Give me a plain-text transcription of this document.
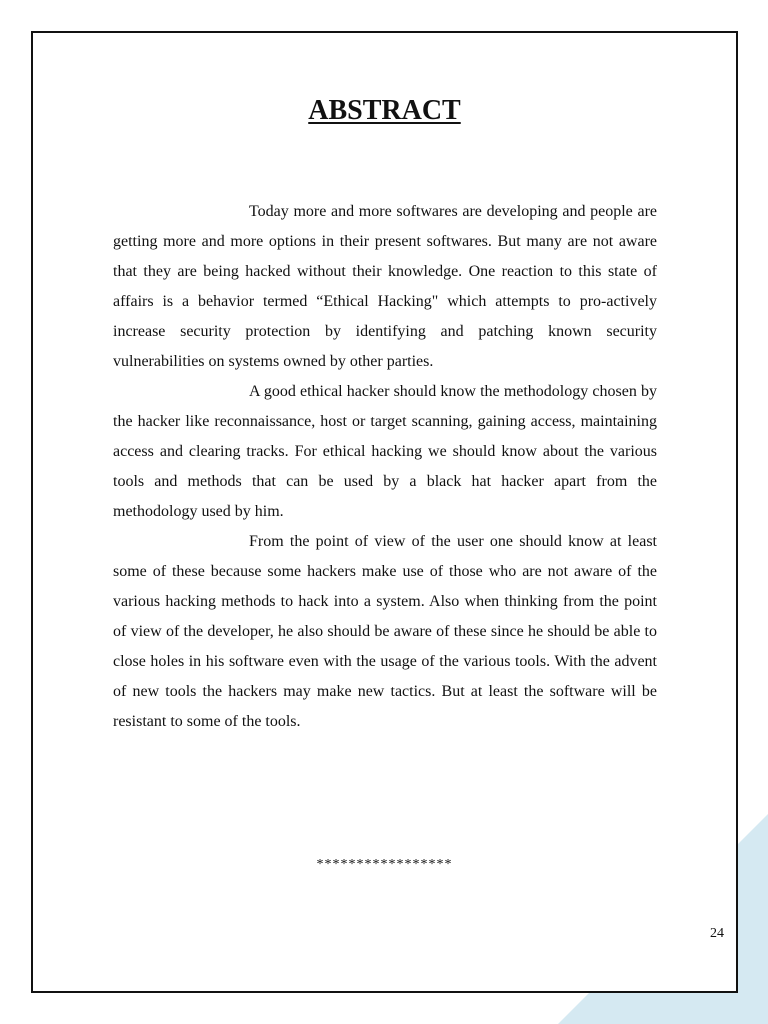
ABSTRACT

Today more and more softwares are developing and people are getting more and more options in their present softwares. But many are not aware that they are being hacked without their knowledge. One reaction to this state of affairs is a behavior termed “Ethical Hacking" which attempts to pro-actively increase security protection by identifying and patching known security vulnerabilities on systems owned by other parties.

A good ethical hacker should know the methodology chosen by the hacker like reconnaissance, host or target scanning, gaining access, maintaining access and clearing tracks. For ethical hacking we should know about the various tools and methods that can be used by a black hat hacker apart from the methodology used by him.

From the point of view of the user one should know at least some of these because some hackers make use of those who are not aware of the various hacking methods to hack into a system. Also when thinking from the point of view of the developer, he also should be aware of these since he should be able to close holes in his software even with the usage of the various tools. With the advent of new tools the hackers may make new tactics. But at least the software will be resistant to some of the tools.

*****************

24
